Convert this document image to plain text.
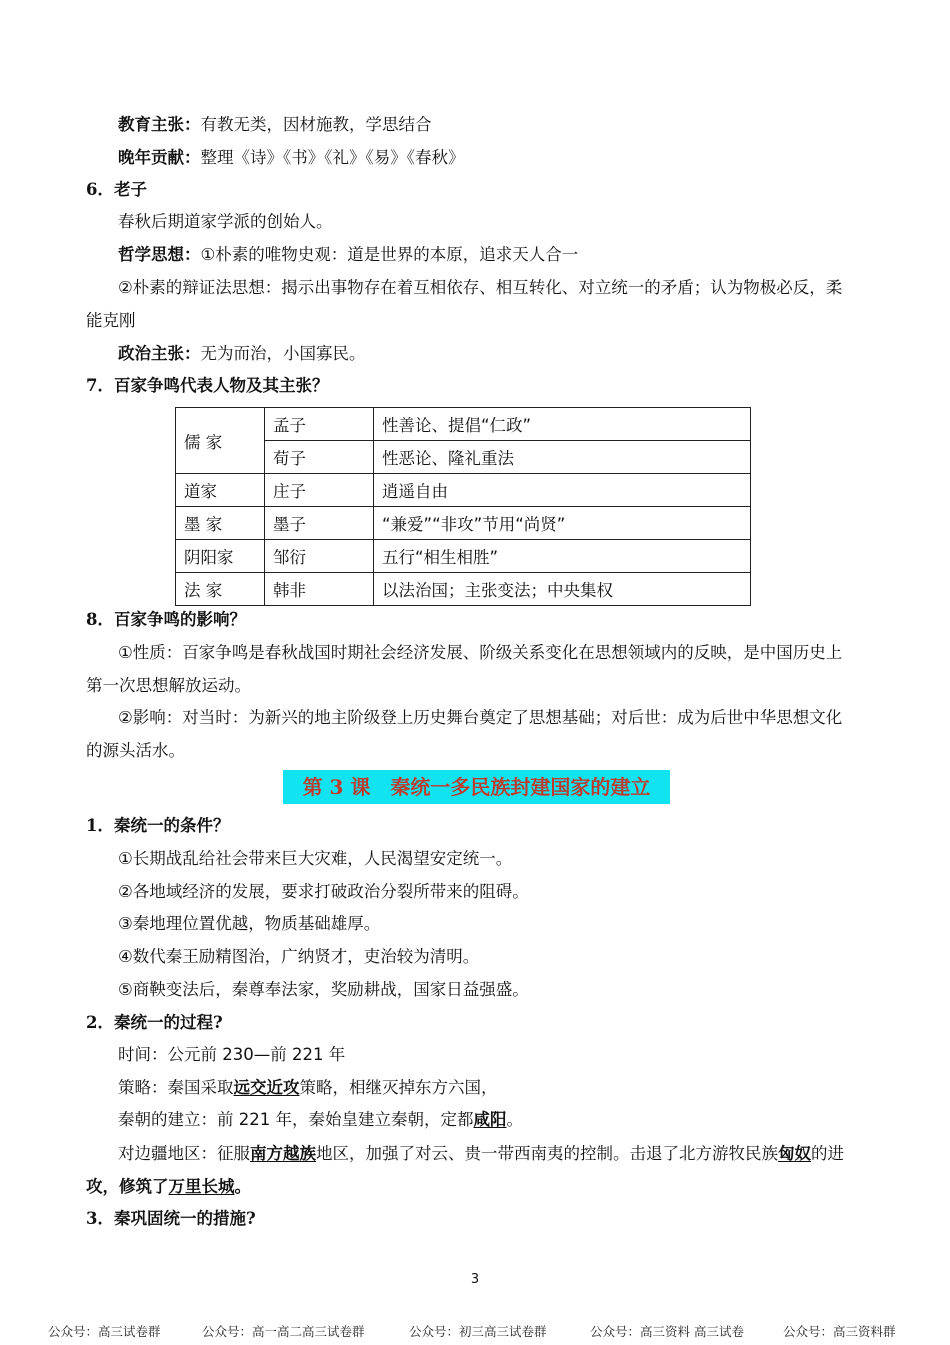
教育主张：有教无类，因材施教，学思结合
晚年贡献：整理《诗》《书》《礼》《易》《春秋》
6．老子
春秋后期道家学派的创始人。
哲学思想：①朴素的唯物史观：道是世界的本原，追求天人合一
②朴素的辩证法思想：揭示出事物存在着互相依存、相互转化、对立统一的矛盾；认为物极必反，柔
能克刚
政治主张：无为而治，小国寡民。
7．百家争鸣代表人物及其主张？
儒 家	孟子	性善论、提倡“仁政”
	荀子	性恶论、隆礼重法
道家	庄子	逍遥自由
墨 家	墨子	“兼爱”“非攻”节用“尚贤”
阴阳家	邹衍	五行“相生相胜”
法 家	韩非	以法治国；主张变法；中央集权
8．百家争鸣的影响？
①性质：百家争鸣是春秋战国时期社会经济发展、阶级关系变化在思想领域内的反映，是中国历史上
第一次思想解放运动。
②影响：对当时：为新兴的地主阶级登上历史舞台奠定了思想基础；对后世：成为后世中华思想文化
的源头活水。
第 3 课　秦统一多民族封建国家的建立
1．秦统一的条件？
①长期战乱给社会带来巨大灾难，人民渴望安定统一。
②各地域经济的发展，要求打破政治分裂所带来的阻碍。
③秦地理位置优越，物质基础雄厚。
④数代秦王励精图治，广纳贤才，吏治较为清明。
⑤商鞅变法后，秦尊奉法家，奖励耕战，国家日益强盛。
2．秦统一的过程?
时间：公元前 230—前 221 年
策略：秦国采取远交近攻策略，相继灭掉东方六国，
秦朝的建立：前 221 年，秦始皇建立秦朝，定都咸阳。
对边疆地区：征服南方越族地区，加强了对云、贵一带西南夷的控制。击退了北方游牧民族匈奴的进
攻，修筑了万里长城。
3．秦巩固统一的措施?
3
公众号：高三试卷群	公众号：高一高二高三试卷群	公众号：初三高三试卷群	公众号：高三资料 高三试卷	公众号：高三资料群
